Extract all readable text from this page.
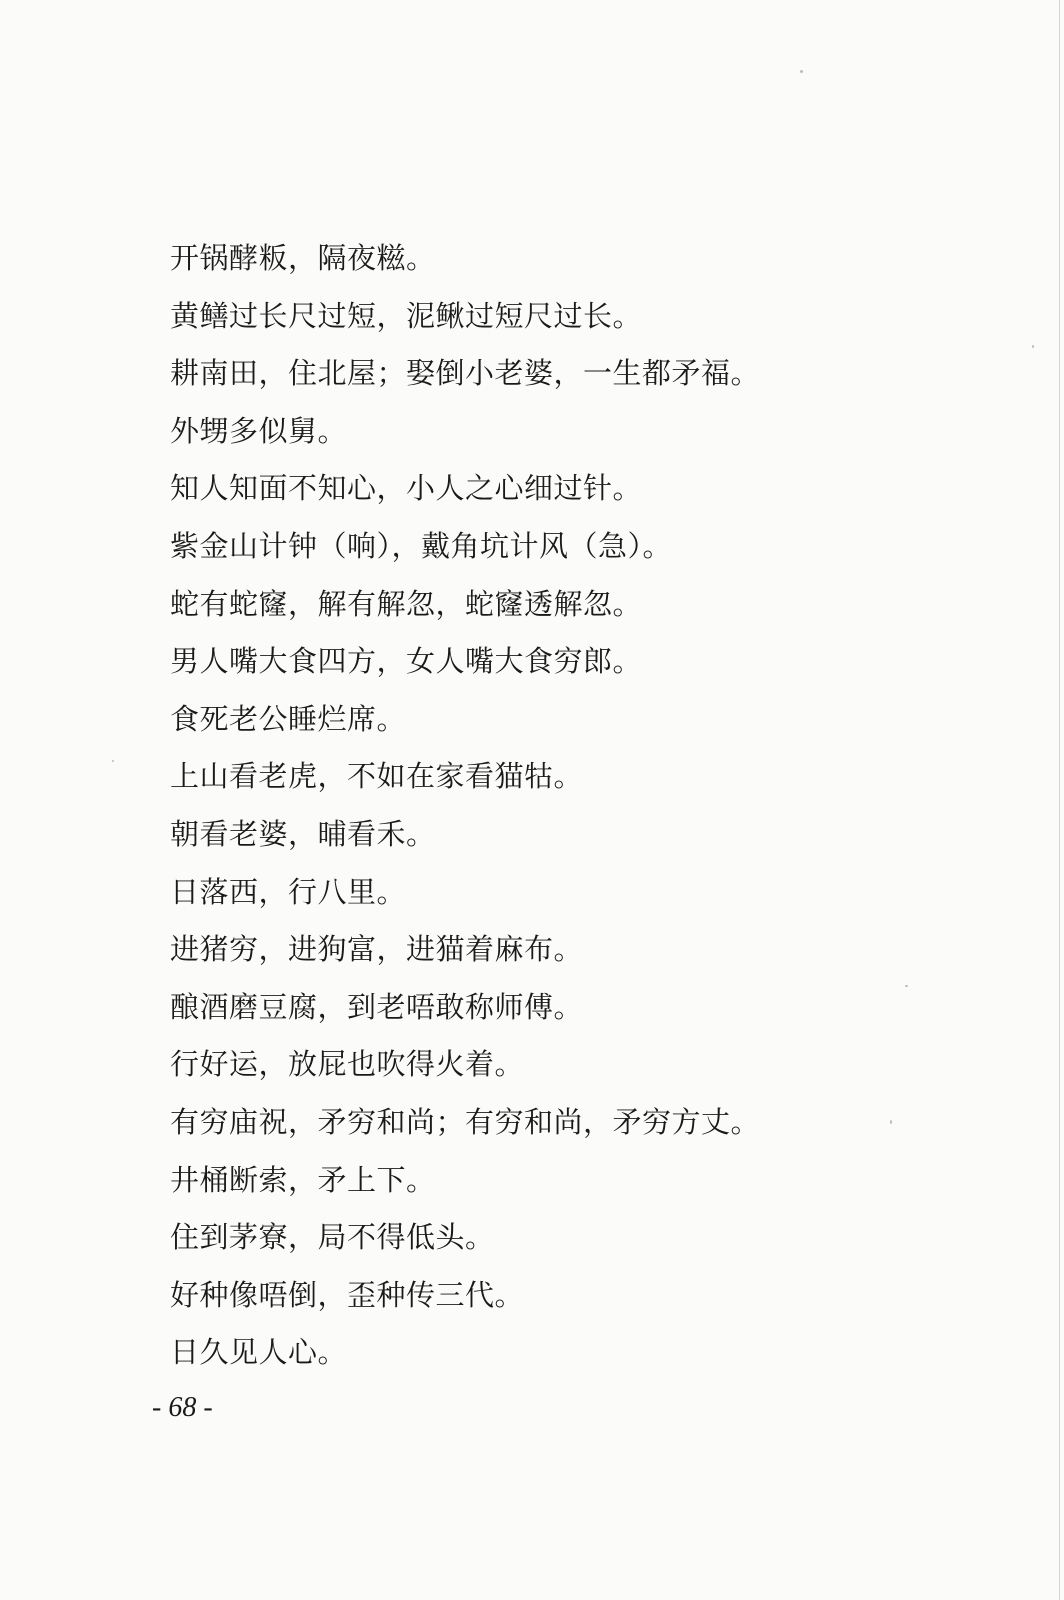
开锅酵粄，隔夜糍。
黄鳝过长尺过短，泥鳅过短尺过长。
耕南田，住北屋；娶倒小老婆，一生都矛福。
外甥多似舅。
知人知面不知心，小人之心细过针。
紫金山计钟（响），戴角坑计风（急）。
蛇有蛇窿，解有解忽，蛇窿透解忽。
男人嘴大食四方，女人嘴大食穷郎。
食死老公睡烂席。
上山看老虎，不如在家看猫牯。
朝看老婆，晡看禾。
日落西，行八里。
进猪穷，进狗富，进猫着麻布。
酿酒磨豆腐，到老唔敢称师傅。
行好运，放屁也吹得火着。
有穷庙祝，矛穷和尚；有穷和尚，矛穷方丈。
井桶断索，矛上下。
住到茅寮，局不得低头。
好种像唔倒，歪种传三代。
日久见人心。
- 68 -
